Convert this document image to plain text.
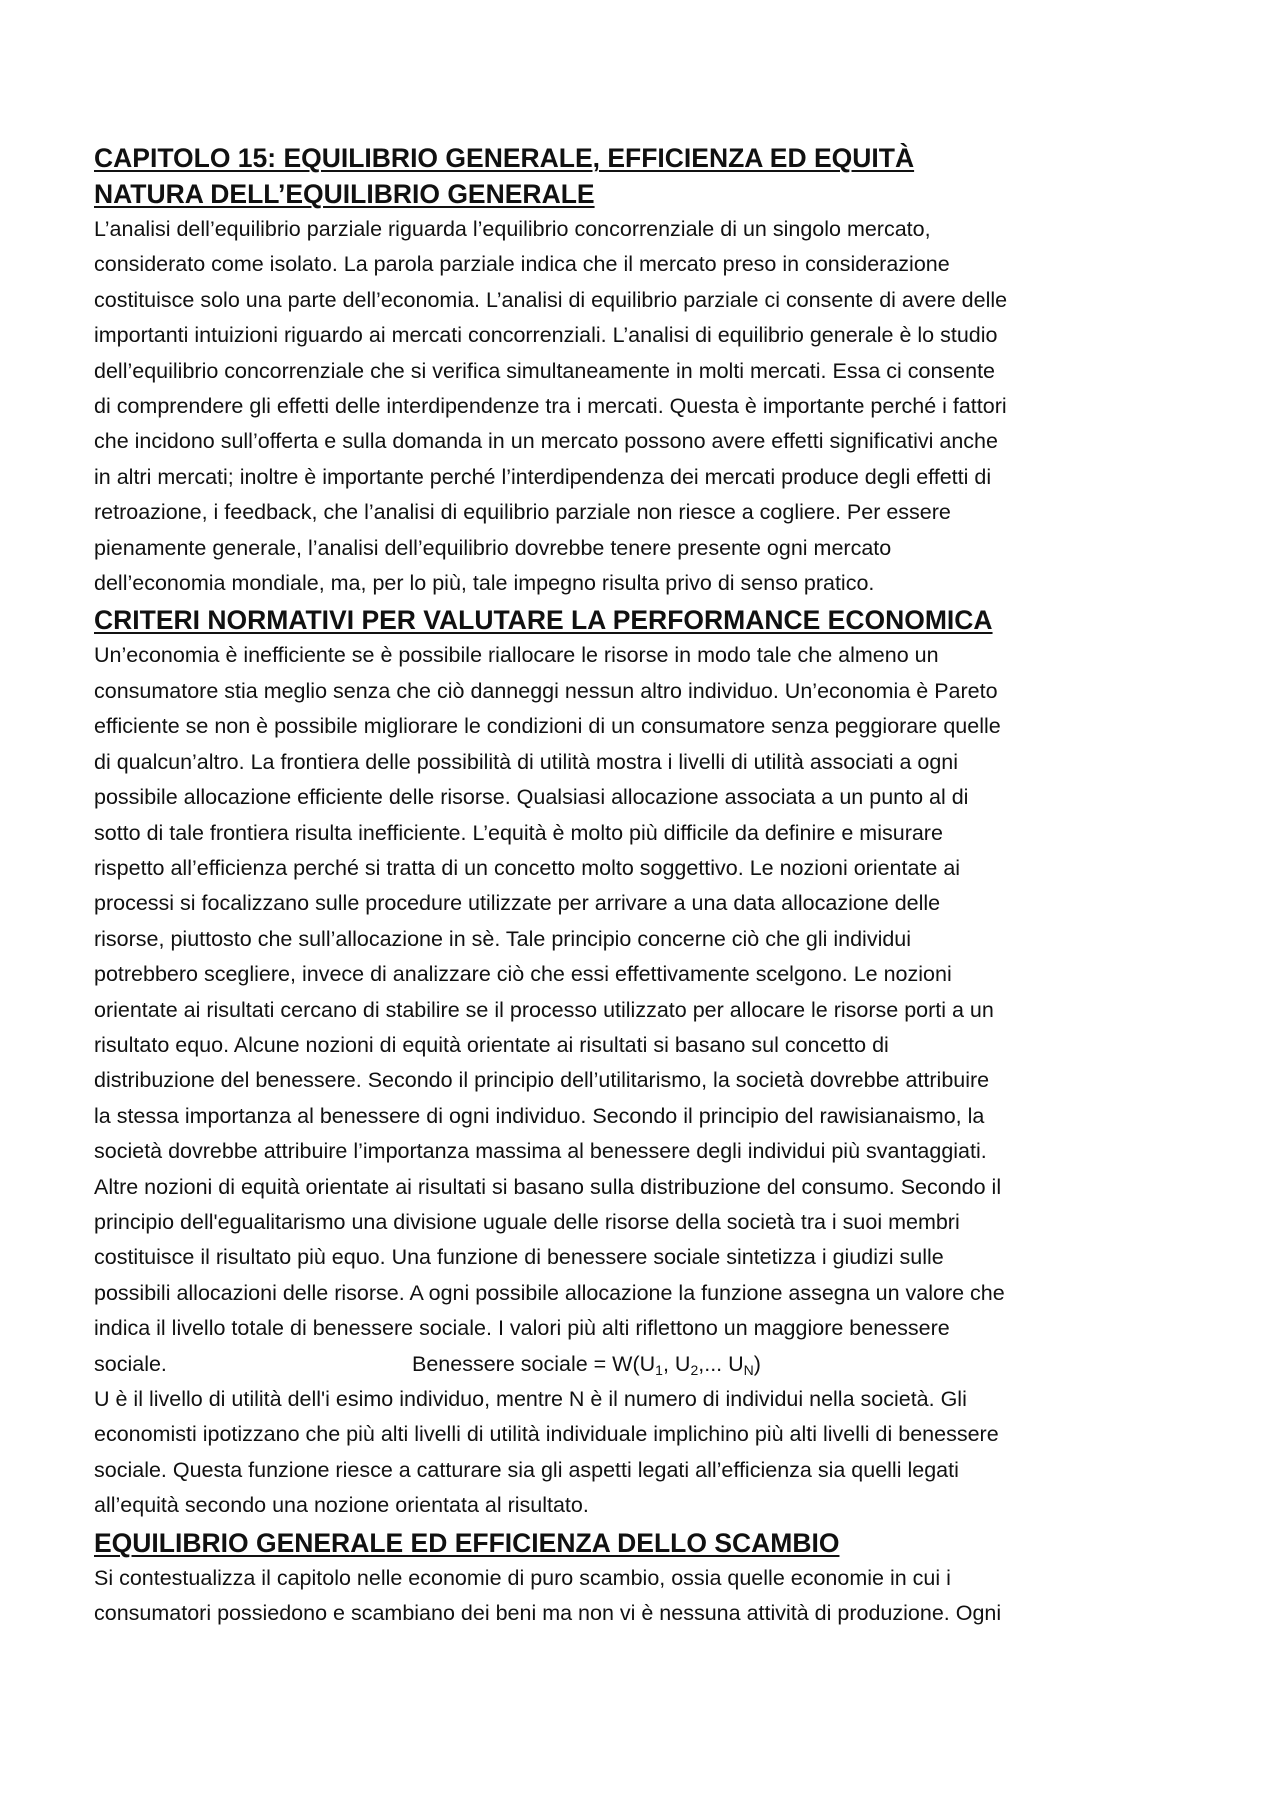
CAPITOLO 15: EQUILIBRIO GENERALE, EFFICIENZA ED EQUITÀ
NATURA DELL’EQUILIBRIO GENERALE

L’analisi dell’equilibrio parziale riguarda l’equilibrio concorrenziale di un singolo mercato,

considerato come isolato. La parola parziale indica che il mercato preso in considerazione

costituisce solo una parte dell’economia. L’analisi di equilibrio parziale ci consente di avere delle

importanti intuizioni riguardo ai mercati concorrenziali. L’analisi di equilibrio generale è lo studio

dell’equilibrio concorrenziale che si verifica simultaneamente in molti mercati. Essa ci consente

di comprendere gli effetti delle interdipendenze tra i mercati. Questa è importante perché i fattori

che incidono sull’offerta e sulla domanda in un mercato possono avere effetti significativi anche

in altri mercati; inoltre è importante perché l’interdipendenza dei mercati produce degli effetti di

retroazione, i feedback, che l’analisi di equilibrio parziale non riesce a cogliere. Per essere

pienamente generale, l’analisi dell’equilibrio dovrebbe tenere presente ogni mercato

dell’economia mondiale, ma, per lo più, tale impegno risulta privo di senso pratico.

CRITERI NORMATIVI PER VALUTARE LA PERFORMANCE ECONOMICA

Un’economia è inefficiente se è possibile riallocare le risorse in modo tale che almeno un

consumatore stia meglio senza che ciò danneggi nessun altro individuo. Un’economia è Pareto

efficiente se non è possibile migliorare le condizioni di un consumatore senza peggiorare quelle

di qualcun’altro. La frontiera delle possibilità di utilità mostra i livelli di utilità associati a ogni

possibile allocazione efficiente delle risorse. Qualsiasi allocazione associata a un punto al di

sotto di tale frontiera risulta inefficiente. L’equità è molto più difficile da definire e misurare

rispetto all’efficienza perché si tratta di un concetto molto soggettivo. Le nozioni orientate ai

processi si focalizzano sulle procedure utilizzate per arrivare a una data allocazione delle

risorse, piuttosto che sull’allocazione in sè. Tale principio concerne ciò che gli individui

potrebbero scegliere, invece di analizzare ciò che essi effettivamente scelgono. Le nozioni

orientate ai risultati cercano di stabilire se il processo utilizzato per allocare le risorse porti a un

risultato equo. Alcune nozioni di equità orientate ai risultati si basano sul concetto di

distribuzione del benessere. Secondo il principio dell’utilitarismo, la società dovrebbe attribuire

la stessa importanza al benessere di ogni individuo. Secondo il principio del rawisianaismo, la

società dovrebbe attribuire l’importanza massima al benessere degli individui più svantaggiati.

Altre nozioni di equità orientate ai risultati si basano sulla distribuzione del consumo. Secondo il

principio dell'egualitarismo una divisione uguale delle risorse della società tra i suoi membri

costituisce il risultato più equo. Una funzione di benessere sociale sintetizza i giudizi sulle

possibili allocazioni delle risorse. A ogni possibile allocazione la funzione assegna un valore che

indica il livello totale di benessere sociale. I valori più alti riflettono un maggiore benessere

sociale.	Benessere sociale = $W(U_1$, $U_2$,... $U_N$)

U è il livello di utilità dell'i esimo individuo, mentre N è il numero di individui nella società. Gli

economisti ipotizzano che più alti livelli di utilità individuale implichino più alti livelli di benessere

sociale. Questa funzione riesce a catturare sia gli aspetti legati all’efficienza sia quelli legati

all’equità secondo una nozione orientata al risultato.

EQUILIBRIO GENERALE ED EFFICIENZA DELLO SCAMBIO

Si contestualizza il capitolo nelle economie di puro scambio, ossia quelle economie in cui i

consumatori possiedono e scambiano dei beni ma non vi è nessuna attività di produzione. Ogni
